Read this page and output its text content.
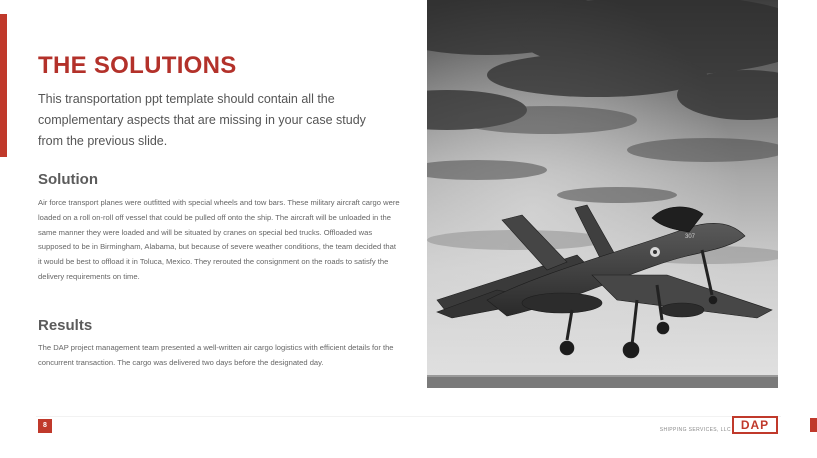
THE SOLUTIONS
This transportation ppt template should contain all the complementary aspects that are missing in your case study from the previous slide.
Solution
Air force transport planes were outfitted with special wheels and tow bars. These military aircraft cargo were loaded on a roll on-roll off vessel that could be pulled off onto the ship. The aircraft will be unloaded in the same manner they were loaded and will be situated by cranes on special bed trucks. Offloaded was supposed to be in Birmingham, Alabama, but because of severe weather conditions, the team decided that it would be best to offload it in Toluca, Mexico. They rerouted the consignment on the roads to satisfy the delivery requirements on time.
Results
The DAP project management team presented a well-written air cargo logistics with efficient details for the concurrent transaction. The cargo was delivered two days before the designated day.
307
8
SHIPPING SERVICES, LLC DAP
